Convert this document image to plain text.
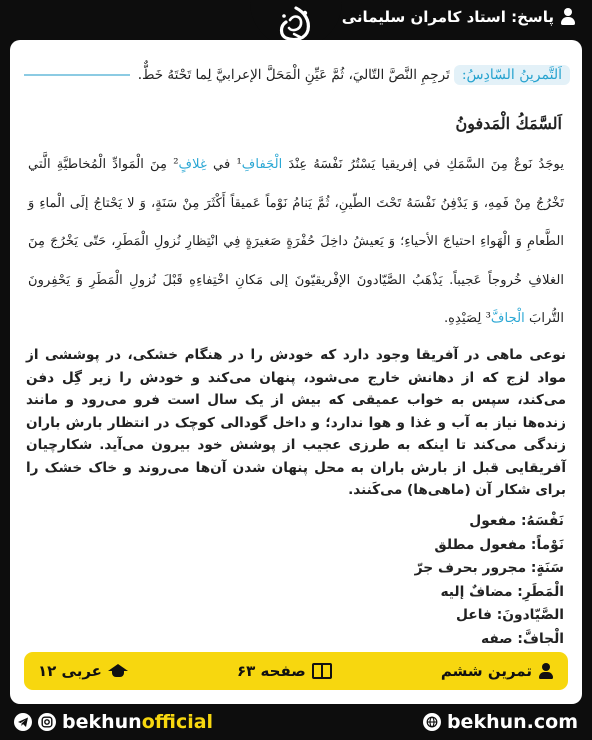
پاسخ: استاد کامران سلیمانی
اَلتَّمرینُ السّادِسُ:
تَرجِمِ النَّصَّ التّاليَ، ثُمَّ عَيِّنِ الْمَحَلَّ الإعرابيَّ لِما تَحْتَهُ خَطٌّ.
اَلسَّمَكُ الْمَدفونُ

يوجَدُ نَوعٌ مِنَ السَّمَكِ في إفريقيا يَسْتُرُ نَفْسَهُ عِنْدَ الْجَفافِ¹ في غِلافٍ² مِنَ الْمَوادِّ الْمُخاطيَّةِ الَّتي تَخْرُجُ مِنْ فَمِهِ، وَ يَدْفِنُ نَفْسَهُ تَحْتَ الطّينِ، ثُمَّ يَنامُ نَوْماً عَميقاً أَكْثَرَ مِنْ سَنَةٍ، وَ لا يَحْتاجُ إلَى الْماءِ وَ الطَّعامِ وَ الْهَواءِ احتياجَ الأحياءِ؛ وَ يَعيشُ داخِلَ حُفْرَةٍ صَغيرَةٍ فِي انْتِظارِ نُزولِ الْمَطَرِ، حَتّى يَخْرُجَ مِنَ الغلافِ خُروجاً عَجيباً. يَذْهَبُ الصَّيّادونَ الإفْريقيّونَ إلى مَكانِ اخْتِفاءِهِ قَبْلَ نُزولِ الْمَطَرِ وَ يَحْفِرونَ التُّرابَ الْجافَّ³ لِصَيْدِهِ.

نوعی ماهی در آفریقا وجود دارد که خودش را در هنگام خشکی، در پوششی از مواد لزج که از دهانش خارج می‌شود، پنهان می‌کند و خودش را زیر گِل دفن می‌کند، سپس به خواب عمیقی که بیش از یک سال است فرو می‌رود و مانند زنده‌ها نیاز به آب و غذا و هوا ندارد؛ و داخل گودالی کوچک در انتظار بارش باران زندگی می‌کند تا اینکه به طرزی عجیب از پوشش خود بیرون می‌آید. شکارچیان آفریقایی قبل از بارش باران به محل پنهان شدن آن‌ها می‌روند و خاک خشک را برای شکار آن (ماهی‌ها) می‌کَنند.

نَفْسَهُ: مفعول
نَوْماً: مفعول مطلق
سَنَةٍ: مجرور بحرف جرّ
الْمَطَرِ: مضافٌ إليه
الصَّيّادونَ: فاعل
الْجافَّ: صفه
تمرین ششم
صفحه ۶۳
عربی ۱۲
bekhunofficial	bekhun.com
